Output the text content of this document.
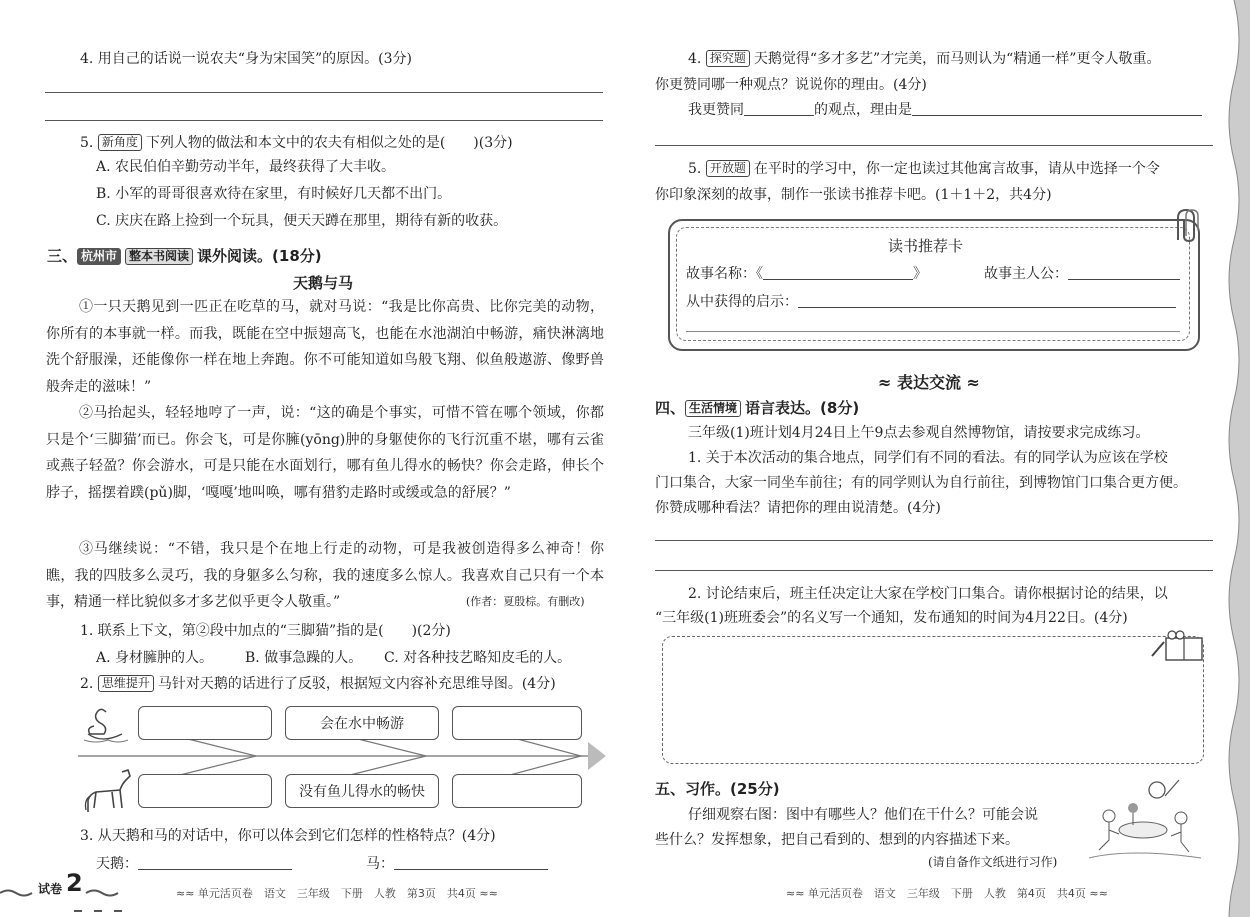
4. 用自己的话说一说农夫“身为宋国笑”的原因。(3分)
5. 新角度 下列人物的做法和本文中的农夫有相似之处的是(　　)(3分)
A. 农民伯伯辛勤劳动半年，最终获得了大丰收。
B. 小军的哥哥很喜欢待在家里，有时候好几天都不出门。
C. 庆庆在路上捡到一个玩具，便天天蹲在那里，期待有新的收获。
三、 杭州市 整本书阅读 课外阅读。(18分)
天鹅与马
①一只天鹅见到一匹正在吃草的马，就对马说：“我是比你高贵、比你完美的动物，你所有的本事就一样。而我，既能在空中振翅高飞，也能在水池湖泊中畅游，痛快淋漓地洗个舒服澡，还能像你一样在地上奔跑。你不可能知道如鸟般飞翔、似鱼般遨游、像野兽般奔走的滋味！”
②马抬起头，轻轻地哼了一声，说：“这的确是个事实，可惜不管在哪个领域，你都只是个‘三脚猫’而已。你会飞，可是你臃(yōng)肿的身躯使你的飞行沉重不堪，哪有云雀或燕子轻盈？你会游水，可是只能在水面划行，哪有鱼儿得水的畅快？你会走路，伸长个脖子，摇摆着蹼(pǔ)脚，‘嘎嘎’地叫唤，哪有猎豹走路时或缓或急的舒展？”
③马继续说：“不错，我只是个在地上行走的动物，可是我被创造得多么神奇！你瞧，我的四肢多么灵巧，我的身躯多么匀称，我的速度多么惊人。我喜欢自己只有一个本事，精通一样比貌似多才多艺似乎更令人敬重。”	(作者：夏殷棕。有删改)
1. 联系上下文，第②段中加点的“三脚猫”指的是(　　)(2分)
A. 身材臃肿的人。 B. 做事急躁的人。 C. 对各种技艺略知皮毛的人。
2. 思维提升 马针对天鹅的话进行了反驳，根据短文内容补充思维导图。(4分)
会在水中畅游
没有鱼儿得水的畅快
3. 从天鹅和马的对话中，你可以体会到它们怎样的性格特点？(4分)
天鹅：	马：
试卷 2	≈≈ 单元活页卷　语文　三年级　下册　人教　第3页　共4页 ≈≈
4. 探究题 天鹅觉得“多才多艺”才完美，而马则认为“精通一样”更令人敬重。
你更赞同哪一种观点？说说你的理由。(4分)
我更赞同	的观点，理由是
5. 开放题 在平时的学习中，你一定也读过其他寓言故事，请从中选择一个令
你印象深刻的故事，制作一张读书推荐卡吧。(1＋1＋2，共4分)
读书推荐卡
故事名称：《	》	故事主人公：
从中获得的启示：
≈ 表达交流 ≈
四、 生活情境 语言表达。(8分)
三年级(1)班计划4月24日上午9点去参观自然博物馆，请按要求完成练习。
1. 关于本次活动的集合地点，同学们有不同的看法。有的同学认为应该在学校
门口集合，大家一同坐车前往；有的同学则认为自行前往，到博物馆门口集合更方便。
你赞成哪种看法？请把你的理由说清楚。(4分)
2. 讨论结束后，班主任决定让大家在学校门口集合。请你根据讨论的结果，以
“三年级(1)班班委会”的名义写一个通知，发布通知的时间为4月22日。(4分)
五、习作。(25分)
仔细观察右图：图中有哪些人？他们在干什么？可能会说
些什么？发挥想象，把自己看到的、想到的内容描述下来。
(请自备作文纸进行习作)
≈≈ 单元活页卷　语文　三年级　下册　人教　第4页　共4页 ≈≈
